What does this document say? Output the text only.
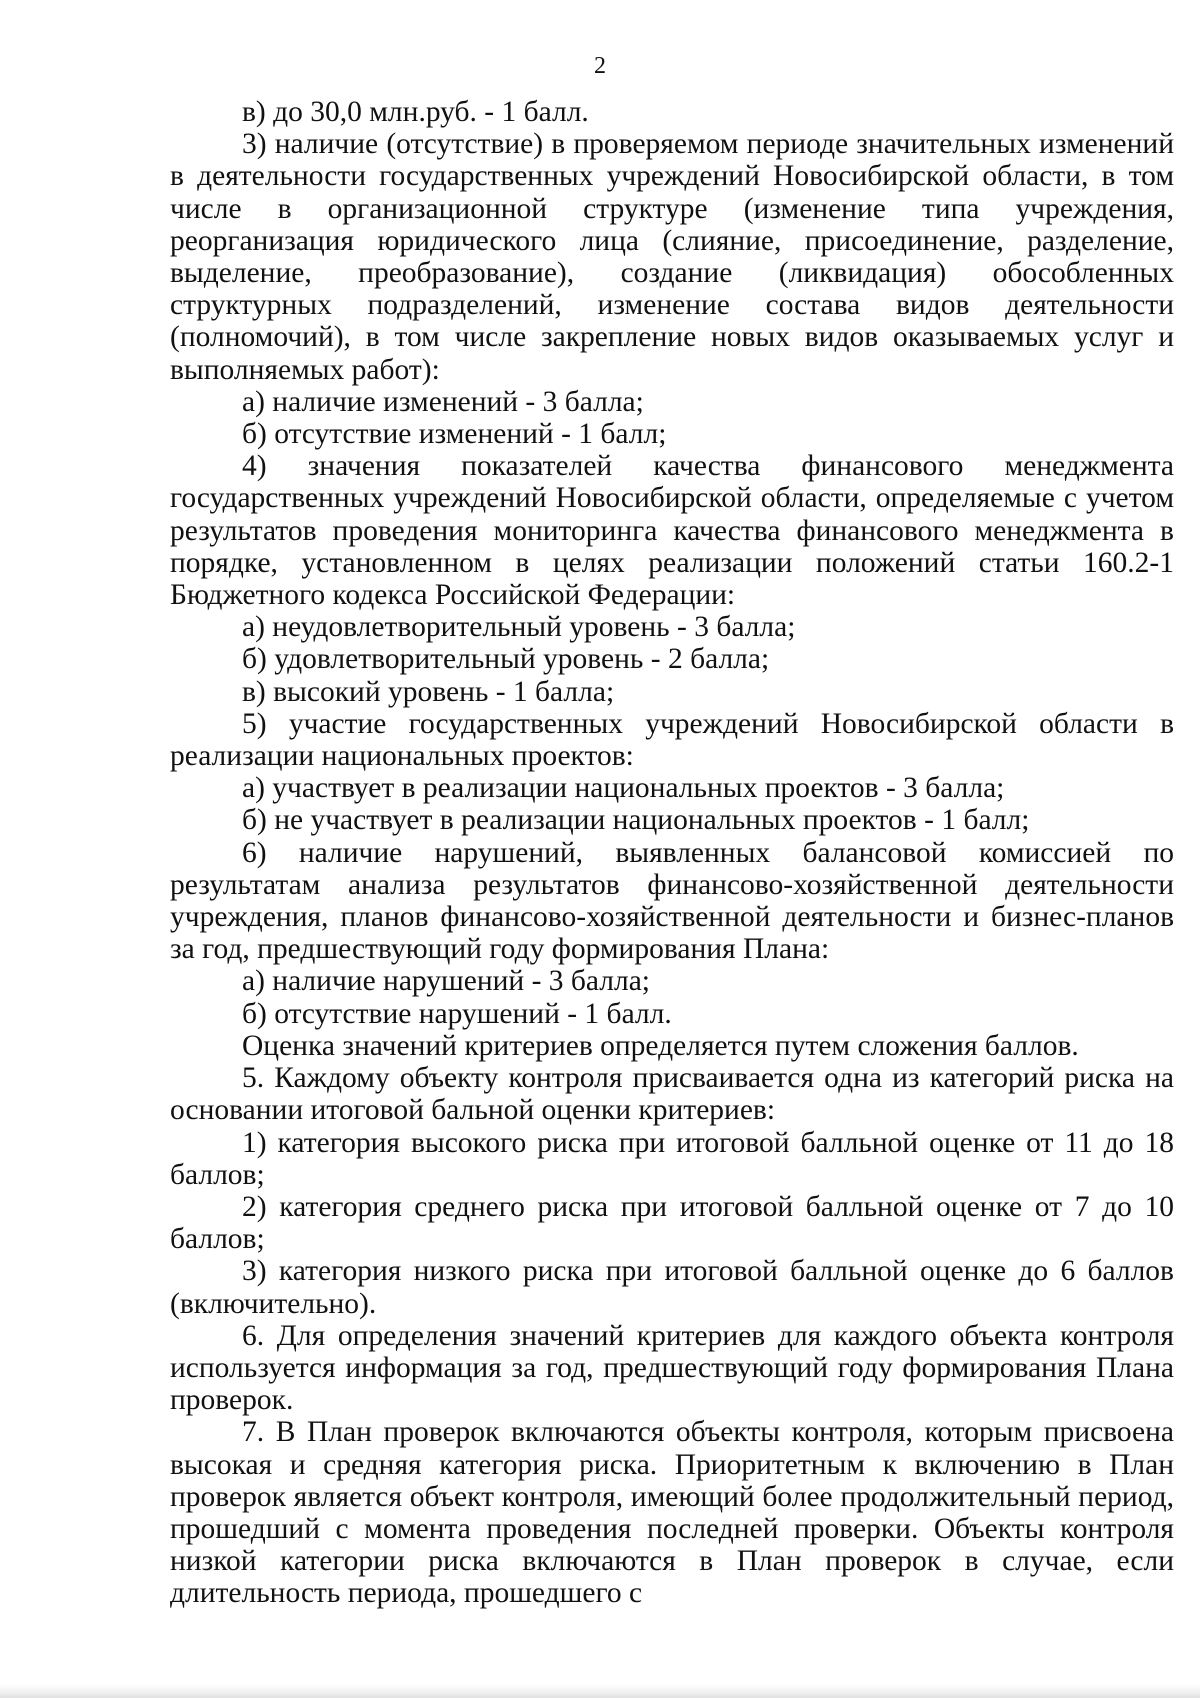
2

в) до 30,0 млн.руб. - 1 балл.

3) наличие (отсутствие) в проверяемом периоде значительных изменений в деятельности государственных учреждений Новосибирской области, в том числе в организационной структуре (изменение типа учреждения, реорганизация юридического лица (слияние, присоединение, разделение, выделение, преобразование), создание (ликвидация) обособленных структурных подразделений, изменение состава видов деятельности (полномочий), в том числе закрепление новых видов оказываемых услуг и выполняемых работ):

а) наличие изменений - 3 балла;

б) отсутствие изменений - 1 балл;

4) значения показателей качества финансового менеджмента государственных учреждений Новосибирской области, определяемые с учетом результатов проведения мониторинга качества финансового менеджмента в порядке, установленном в целях реализации положений статьи 160.2-1 Бюджетного кодекса Российской Федерации:

а) неудовлетворительный уровень - 3 балла;

б) удовлетворительный уровень - 2 балла;

в) высокий уровень - 1 балла;

5) участие государственных учреждений Новосибирской области в реализации национальных проектов:

а) участвует в реализации национальных проектов - 3 балла;

б) не участвует в реализации национальных проектов - 1 балл;

6) наличие нарушений, выявленных балансовой комиссией по результатам анализа результатов финансово-хозяйственной деятельности учреждения, планов финансово-хозяйственной деятельности и бизнес-планов за год, предшествующий году формирования Плана:

а) наличие нарушений - 3 балла;

б) отсутствие нарушений - 1 балл.

Оценка значений критериев определяется путем сложения баллов.

5. Каждому объекту контроля присваивается одна из категорий риска на основании итоговой бальной оценки критериев:

1) категория высокого риска при итоговой балльной оценке от 11 до 18 баллов;

2) категория среднего риска при итоговой балльной оценке от 7 до 10 баллов;

3) категория низкого риска при итоговой балльной оценке до 6 баллов (включительно).

6. Для определения значений критериев для каждого объекта контроля используется информация за год, предшествующий году формирования Плана проверок.

7. В План проверок включаются объекты контроля, которым присвоена высокая и средняя категория риска. Приоритетным к включению в План проверок является объект контроля, имеющий более продолжительный период, прошедший с момента проведения последней проверки. Объекты контроля низкой категории риска включаются в План проверок в случае, если длительность периода, прошедшего с
